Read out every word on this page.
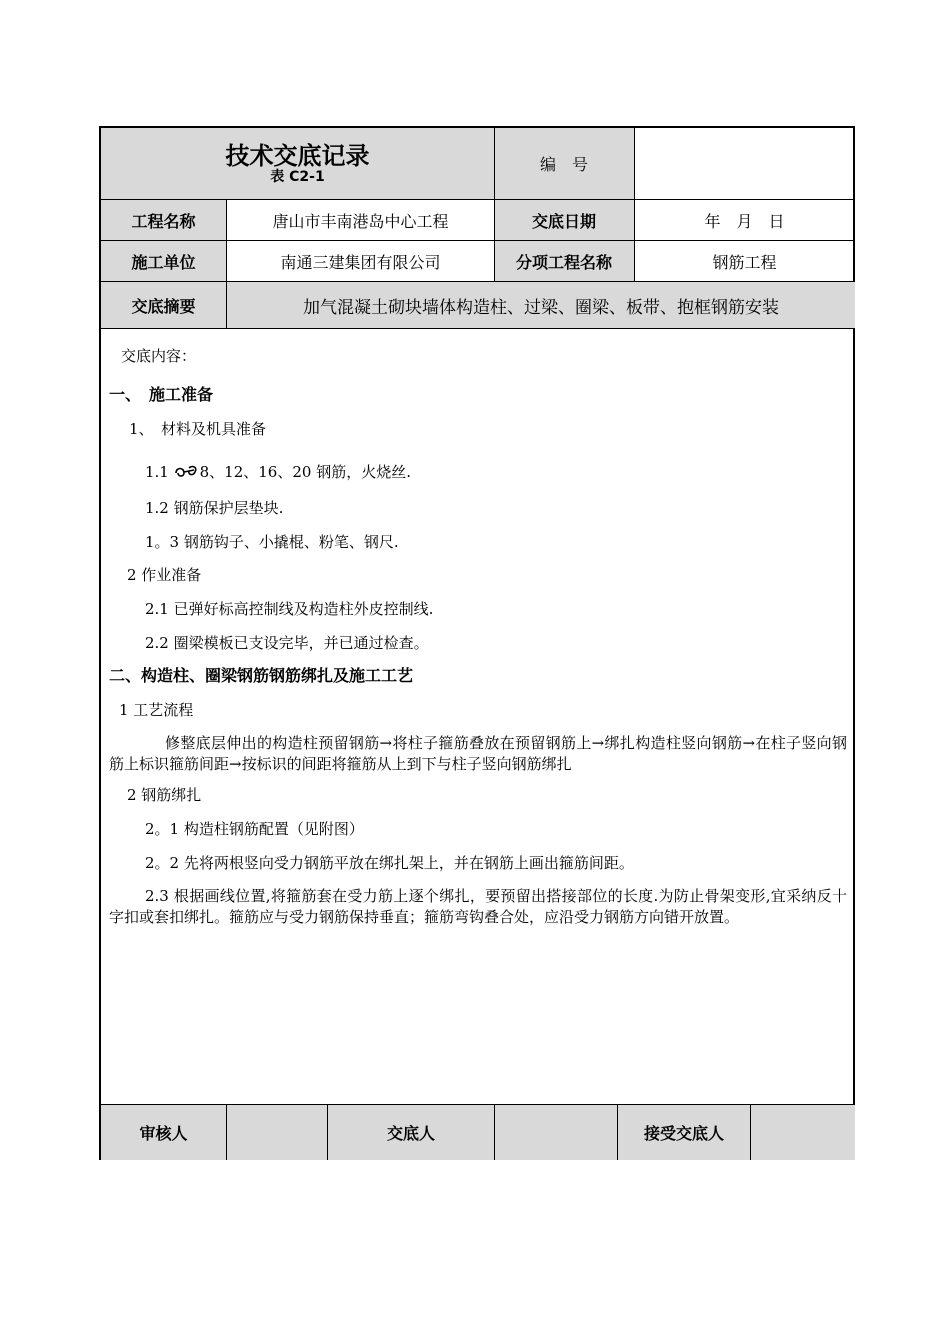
技术交底记录
表 C2-1
编　号
工程名称	唐山市丰南港岛中心工程	交底日期	年　月　日
施工单位	南通三建集团有限公司	分项工程名称	钢筋工程
交底摘要	加气混凝土砌块墙体构造柱、过梁、圈梁、板带、抱框钢筋安装
交底内容：
一、　施工准备
1、　材料及机具准备
1.1 8、12、16、20 钢筋，火烧丝.
1.2 钢筋保护层垫块.
1。3 钢筋钩子、小撬棍、粉笔、钢尺.
2 作业准备
2.1 已弹好标高控制线及构造柱外皮控制线.
2.2 圈梁模板已支设完毕，并已通过检查。
二、构造柱、圈梁钢筋钢筋绑扎及施工工艺
1 工艺流程
修整底层伸出的构造柱预留钢筋→将柱子箍筋叠放在预留钢筋上→绑扎构造柱竖向钢筋→在柱子竖向钢筋上标识箍筋间距→按标识的间距将箍筋从上到下与柱子竖向钢筋绑扎
2 钢筋绑扎
2。1 构造柱钢筋配置（见附图）
2。2 先将两根竖向受力钢筋平放在绑扎架上，并在钢筋上画出箍筋间距。
2.3 根据画线位置,将箍筋套在受力筋上逐个绑扎，要预留出搭接部位的长度.为防止骨架变形,宜采纳反十字扣或套扣绑扎。箍筋应与受力钢筋保持垂直；箍筋弯钩叠合处，应沿受力钢筋方向错开放置。
审核人	交底人	接受交底人
